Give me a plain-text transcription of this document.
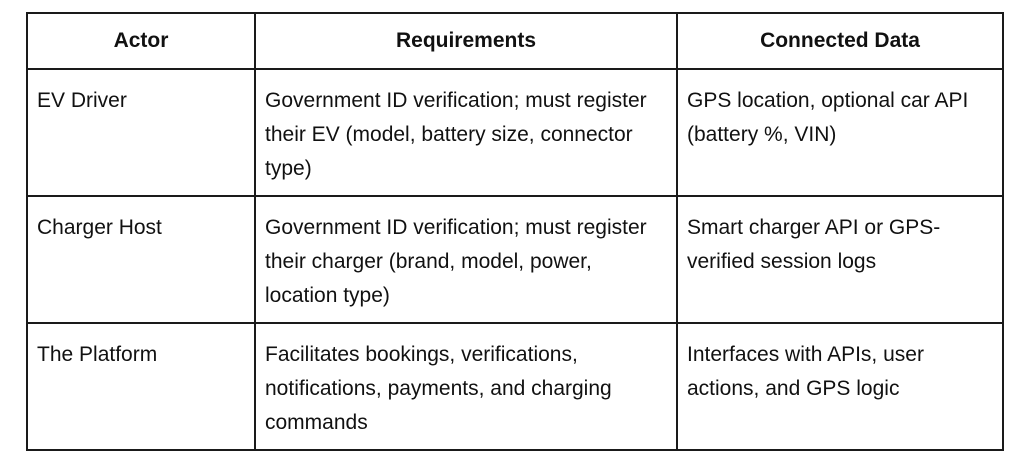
Actor	Requirements	Connected Data
EV Driver	Government ID verification; must register their EV (model, battery size, connector type)	GPS location, optional car API (battery %, VIN)
Charger Host	Government ID verification; must register their charger (brand, model, power, location type)	Smart charger API or GPS-verified session logs
The Platform	Facilitates bookings, verifications, notifications, payments, and charging commands	Interfaces with APIs, user actions, and GPS logic
